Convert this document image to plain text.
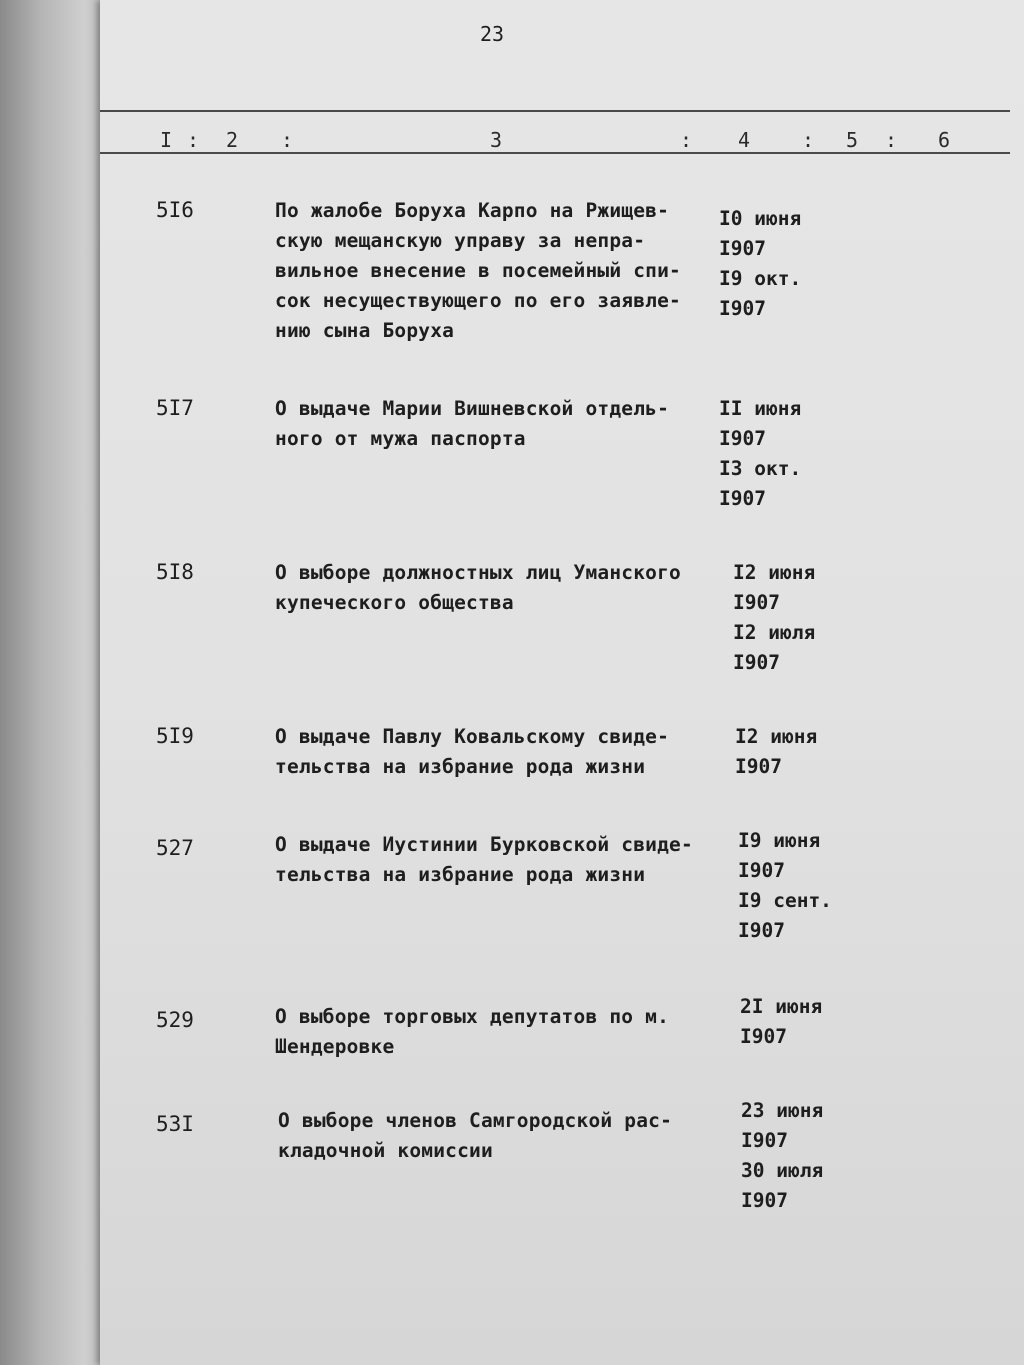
23
I : 2 :	3	: 4	: 5 : 6
5I6	По жалобе Боруха Карпо на Ржищев-
скую мещанскую управу за непра-
вильное внесение в посемейный спи-
сок несуществующего по его заявле-
нию сына Боруха
I0 июня
I907
I9 окт.
I907
5I7	О выдаче Марии Вишневской отдель-
ного от мужа паспорта
II июня
I907
I3 окт.
I907
5I8	О выборе должностных лиц Уманского
купеческого общества
I2 июня
I907
I2 июля
I907
5I9	О выдаче Павлу Ковальскому свиде-
тельства на избрание рода жизни
I2 июня
I907
527	О выдаче Иустинии Бурковской свиде-
тельства на избрание рода жизни
I9 июня
I907
I9 сент.
I907
529	О выборе торговых депутатов по м.
Шендеровке
2I июня
I907
53I	О выборе членов Самгородской рас-
кладочной комиссии
23 июня
I907
30 июля
I907
